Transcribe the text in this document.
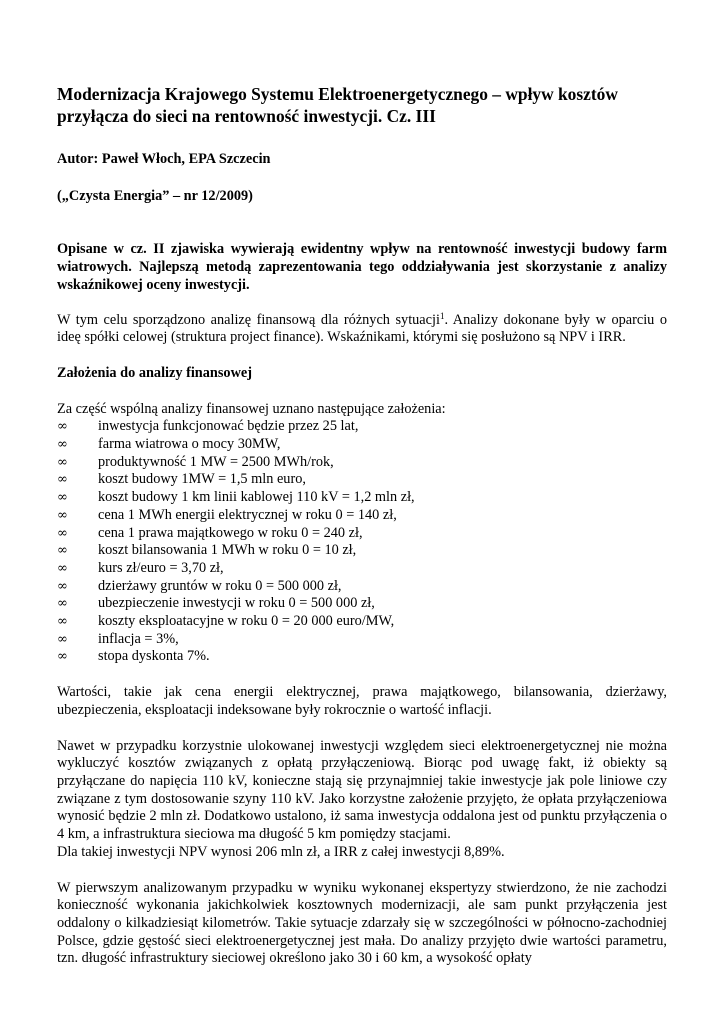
Modernizacja Krajowego Systemu Elektroenergetycznego – wpływ kosztów przyłącza do sieci na rentowność inwestycji. Cz. III

Autor: Paweł Włoch, EPA Szczecin

(„Czysta Energia” – nr 12/2009)

Opisane w cz. II zjawiska wywierają ewidentny wpływ na rentowność inwestycji budowy farm wiatrowych. Najlepszą metodą zaprezentowania tego oddziaływania jest skorzystanie z analizy wskaźnikowej oceny inwestycji.

W tym celu sporządzono analizę finansową dla różnych sytuacji$^1$. Analizy dokonane były w oparciu o ideę spółki celowej (struktura project finance). Wskaźnikami, którymi się posłużono są NPV i IRR.

Założenia do analizy finansowej

Za część wspólną analizy finansowej uznano następujące założenia:

∞ inwestycja funkcjonować będzie przez 25 lat,
∞ farma wiatrowa o mocy 30MW,
∞ produktywność 1 MW = 2500 MWh/rok,
∞ koszt budowy 1MW = 1,5 mln euro,
∞ koszt budowy 1 km linii kablowej 110 kV = 1,2 mln zł,
∞ cena 1 MWh energii elektrycznej w roku 0 = 140 zł,
∞ cena 1 prawa majątkowego w roku 0 = 240 zł,
∞ koszt bilansowania 1 MWh w roku 0 = 10 zł,
∞ kurs zł/euro = 3,70 zł,
∞ dzierżawy gruntów w roku 0 = 500 000 zł,
∞ ubezpieczenie inwestycji w roku 0 = 500 000 zł,
∞ koszty eksploatacyjne w roku 0 = 20 000 euro/MW,
∞ inflacja = 3%,
∞ stopa dyskonta 7%.

Wartości, takie jak cena energii elektrycznej, prawa majątkowego, bilansowania, dzierżawy, ubezpieczenia, eksploatacji indeksowane były rokrocznie o wartość inflacji.

Nawet w przypadku korzystnie ulokowanej inwestycji względem sieci elektroenergetycznej nie można wykluczyć kosztów związanych z opłatą przyłączeniową. Biorąc pod uwagę fakt, iż obiekty są przyłączane do napięcia 110 kV, konieczne stają się przynajmniej takie inwestycje jak pole liniowe czy związane z tym dostosowanie szyny 110 kV. Jako korzystne założenie przyjęto, że opłata przyłączeniowa wynosić będzie 2 mln zł. Dodatkowo ustalono, iż sama inwestycja oddalona jest od punktu przyłączenia o 4 km, a infrastruktura sieciowa ma długość 5 km pomiędzy stacjami.

Dla takiej inwestycji NPV wynosi 206 mln zł, a IRR z całej inwestycji 8,89%.

W pierwszym analizowanym przypadku w wyniku wykonanej ekspertyzy stwierdzono, że nie zachodzi konieczność wykonania jakichkolwiek kosztownych modernizacji, ale sam punkt przyłączenia jest oddalony o kilkadziesiąt kilometrów. Takie sytuacje zdarzały się w szczególności w północno-zachodniej Polsce, gdzie gęstość sieci elektroenergetycznej jest mała. Do analizy przyjęto dwie wartości parametru, tzn. długość infrastruktury sieciowej określono jako 30 i 60 km, a wysokość opłaty
